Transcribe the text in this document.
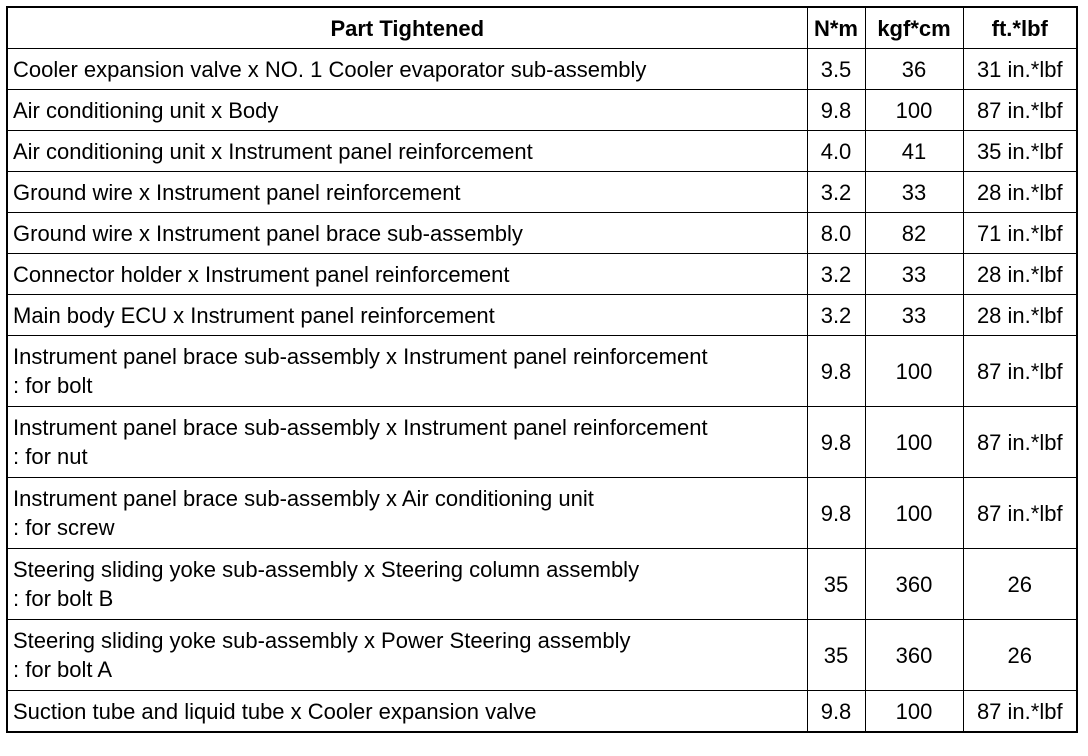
Part Tightened	N*m	kgf*cm	ft.*lbf
Cooler expansion valve x NO. 1 Cooler evaporator sub-assembly	3.5	36	31 in.*lbf
Air conditioning unit x Body	9.8	100	87 in.*lbf
Air conditioning unit x Instrument panel reinforcement	4.0	41	35 in.*lbf
Ground wire x Instrument panel reinforcement	3.2	33	28 in.*lbf
Ground wire x Instrument panel brace sub-assembly	8.0	82	71 in.*lbf
Connector holder x Instrument panel reinforcement	3.2	33	28 in.*lbf
Main body ECU x Instrument panel reinforcement	3.2	33	28 in.*lbf

Instrument panel brace sub-assembly x Instrument panel reinforcement
: for bolt	9.8	100	87 in.*lbf

Instrument panel brace sub-assembly x Instrument panel reinforcement
: for nut	9.8	100	87 in.*lbf

Instrument panel brace sub-assembly x Air conditioning unit
: for screw	9.8	100	87 in.*lbf

Steering sliding yoke sub-assembly x Steering column assembly
: for bolt B	35	360	26

Steering sliding yoke sub-assembly x Power Steering assembly
: for bolt A	35	360	26
Suction tube and liquid tube x Cooler expansion valve	9.8	100	87 in.*lbf
